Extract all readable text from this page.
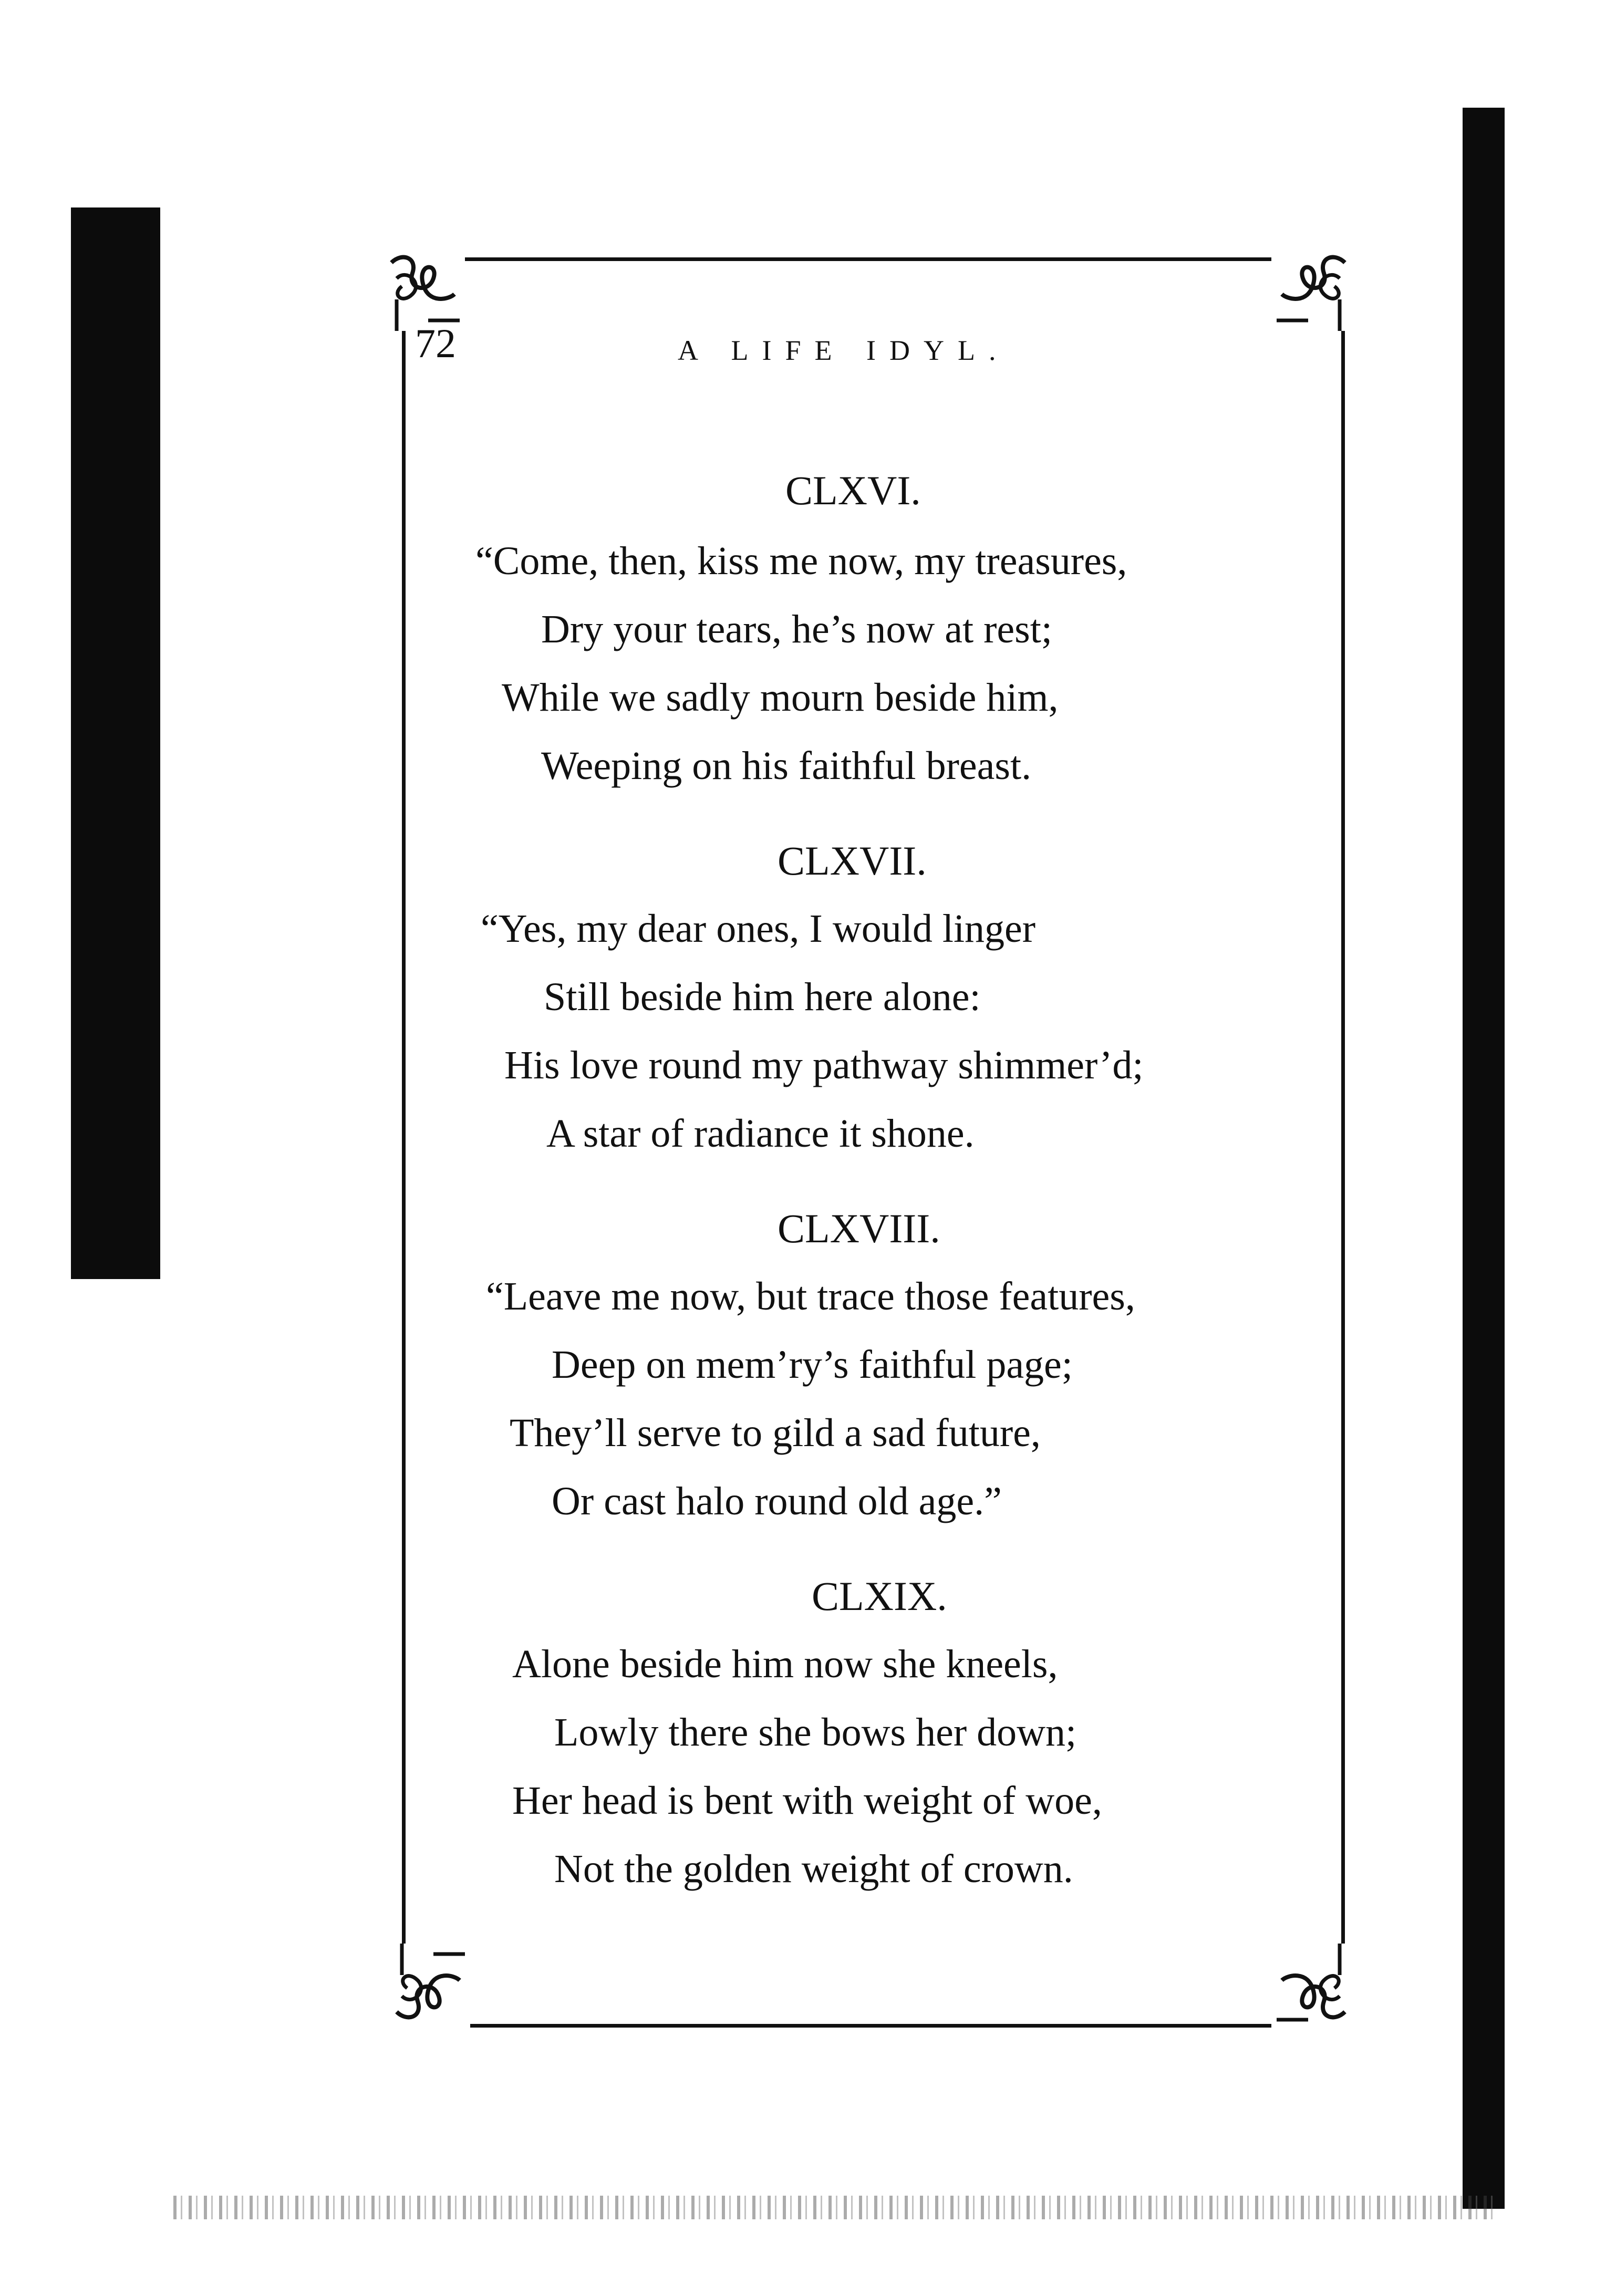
72	A LIFE IDYL.
CLXVI.
“Come, then, kiss me now, my treasures,
Dry your tears, he’s now at rest;
While we sadly mourn beside him,
Weeping on his faithful breast.
CLXVII.
“Yes, my dear ones, I would linger
Still beside him here alone:
His love round my pathway shimmer’d;
A star of radiance it shone.
CLXVIII.
“Leave me now, but trace those features,
Deep on mem’ry’s faithful page;
They’ll serve to gild a sad future,
Or cast halo round old age.”
CLXIX.
Alone beside him now she kneels,
Lowly there she bows her down;
Her head is bent with weight of woe,
Not the golden weight of crown.
